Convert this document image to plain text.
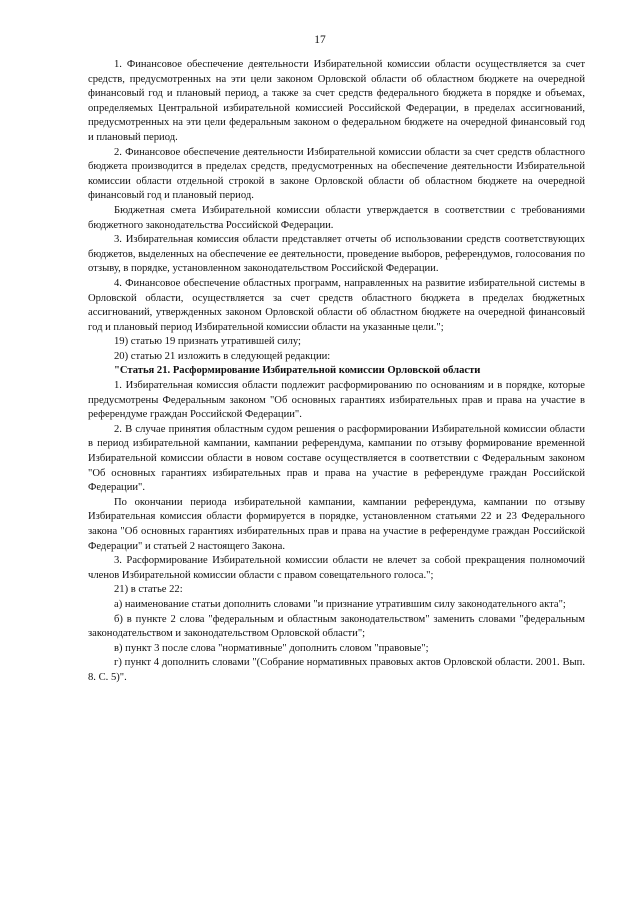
17

1. Финансовое обеспечение деятельности Избирательной комиссии области осуществляется за счет средств, предусмотренных на эти цели законом Орловской области об областном бюджете на очередной финансовый год и плановый период, а также за счет средств федерального бюджета в порядке и объемах, определяемых Центральной избирательной комиссией Российской Федерации, в пределах ассигнований, предусмотренных на эти цели федеральным законом о федеральном бюджете на очередной финансовый год и плановый период.

2. Финансовое обеспечение деятельности Избирательной комиссии области за счет средств областного бюджета производится в пределах средств, предусмотренных на обеспечение деятельности Избирательной комиссии области отдельной строкой в законе Орловской области об областном бюджете на очередной финансовый год и плановый период.

Бюджетная смета Избирательной комиссии области утверждается в соответствии с требованиями бюджетного законодательства Российской Федерации.

3. Избирательная комиссия области представляет отчеты об использовании средств соответствующих бюджетов, выделенных на обеспечение ее деятельности, проведение выборов, референдумов, голосования по отзыву, в порядке, установленном законодательством Российской Федерации.

4. Финансовое обеспечение областных программ, направленных на развитие избирательной системы в Орловской области, осуществляется за счет средств областного бюджета в пределах бюджетных ассигнований, утвержденных законом Орловской области об областном бюджете на очередной финансовый год и плановый период Избирательной комиссии области на указанные цели.";

19) статью 19 признать утратившей силу;

20) статью 21 изложить в следующей редакции:

"Статья 21. Расформирование Избирательной комиссии Орловской области

1. Избирательная комиссия области подлежит расформированию по основаниям и в порядке, которые предусмотрены Федеральным законом "Об основных гарантиях избирательных прав и права на участие в референдуме граждан Российской Федерации".

2. В случае принятия областным судом решения о расформировании Избирательной комиссии области в период избирательной кампании, кампании референдума, кампании по отзыву формирование временной Избирательной комиссии области в новом составе осуществляется в соответствии с Федеральным законом "Об основных гарантиях избирательных прав и права на участие в референдуме граждан Российской Федерации".

По окончании периода избирательной кампании, кампании референдума, кампании по отзыву Избирательная комиссия области формируется в порядке, установленном статьями 22 и 23 Федерального закона "Об основных гарантиях избирательных прав и права на участие в референдуме граждан Российской Федерации" и статьей 2 настоящего Закона.

3. Расформирование Избирательной комиссии области не влечет за собой прекращения полномочий членов Избирательной комиссии области с правом совещательного голоса.";

21) в статье 22:

а) наименование статьи дополнить словами "и признание утратившим силу законодательного акта";

б) в пункте 2 слова "федеральным и областным законодательством" заменить словами "федеральным законодательством и законодательством Орловской области";

в) пункт 3 после слова "нормативные" дополнить словом "правовые";

г) пункт 4 дополнить словами "(Собрание нормативных правовых актов Орловской области. 2001. Вып. 8. С. 5)".
